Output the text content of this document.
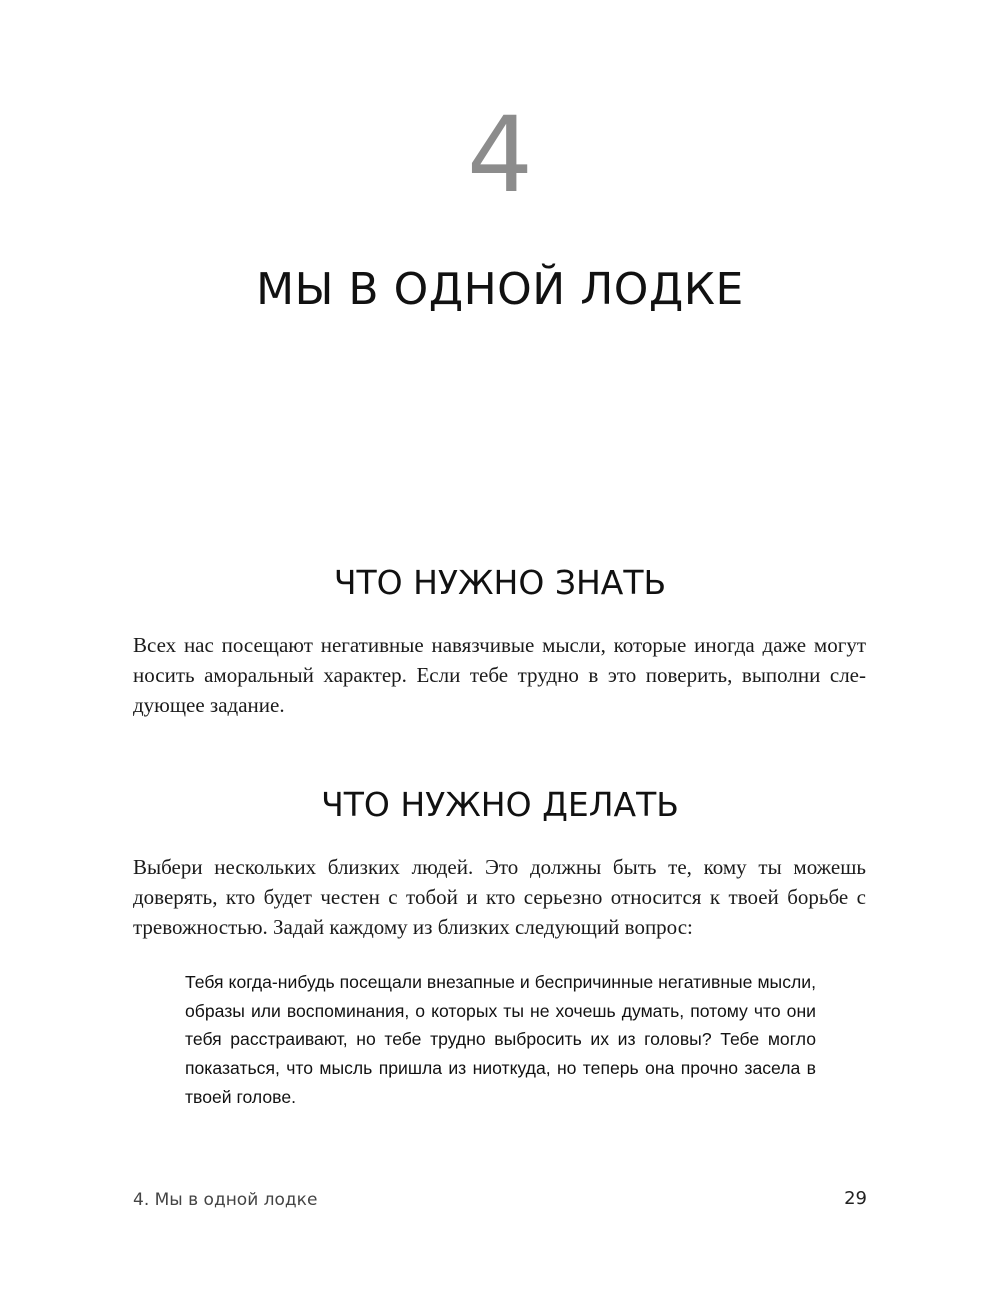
4
МЫ В ОДНОЙ ЛОДКЕ
ЧТО НУЖНО ЗНАТЬ

Всех нас посещают негативные навязчивые мысли, которые иногда даже могут носить аморальный характер. Если тебе трудно в это поверить, выполни следующее задание.

ЧТО НУЖНО ДЕЛАТЬ

Выбери нескольких близких людей. Это должны быть те, кому ты можешь доверять, кто будет честен с тобой и кто серьезно относится к твоей борьбе с тревожностью. Задай каждому из близких следующий вопрос:

Тебя когда-нибудь посещали внезапные и беспричинные негативные мысли, образы или воспоминания, о которых ты не хочешь думать, потому что они тебя расстраивают, но тебе трудно выбросить их из головы? Тебе могло показаться, что мысль пришла из ниоткуда, но теперь она прочно засела в твоей голове.

4. Мы в одной лодке	29
